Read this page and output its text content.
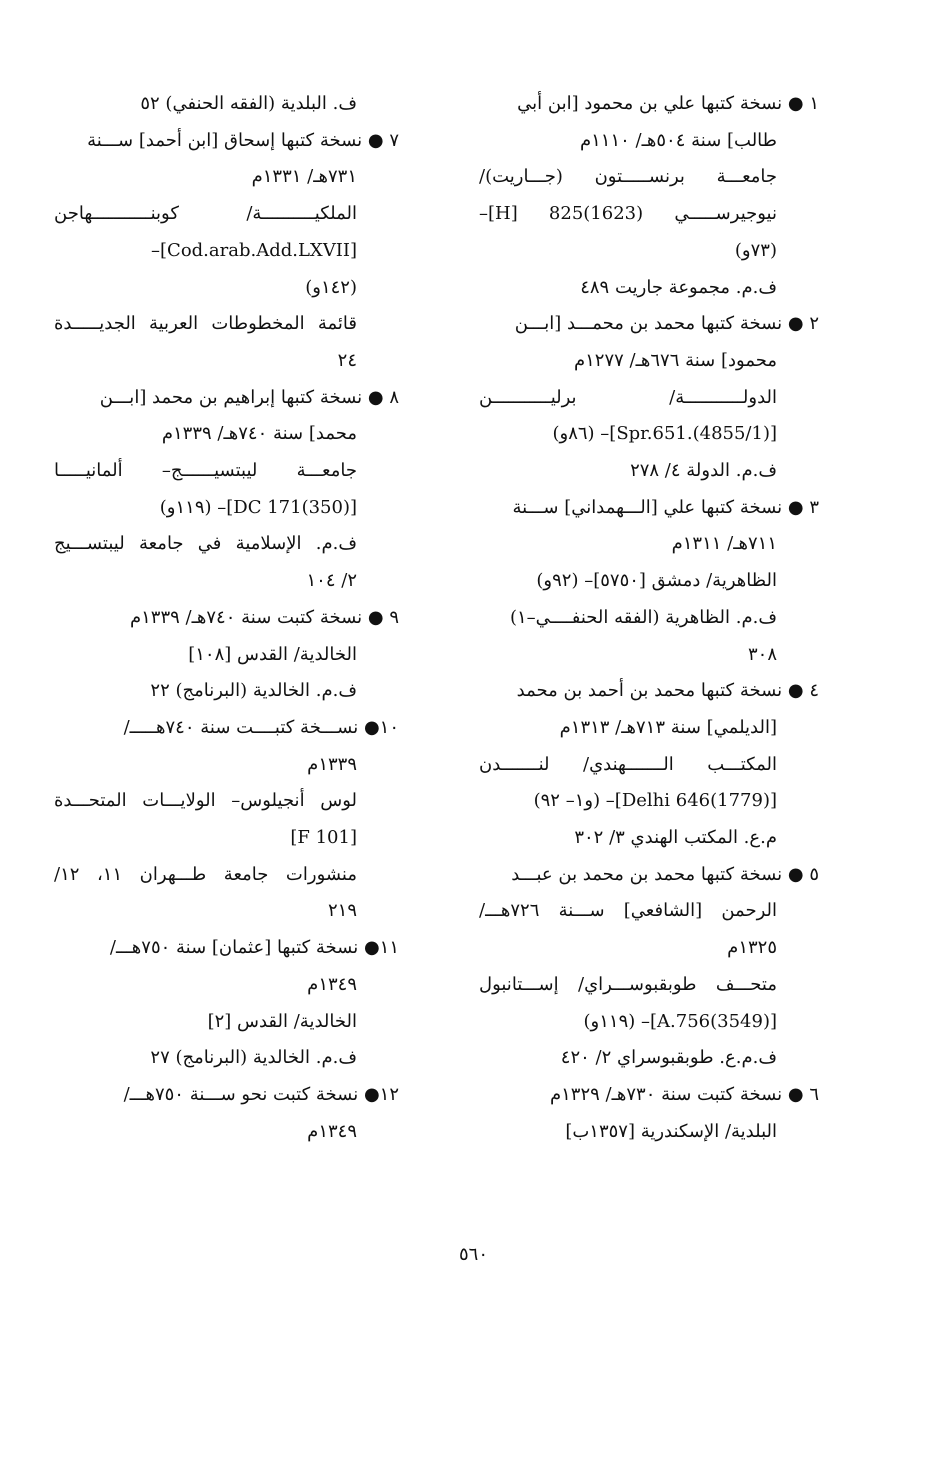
١ ● نسخة كتبها علي بن محمود [ابن أبي
طالب] سنة ٥٠٤هـ/ ١١١٠م
جامعـــة برنســـــتون (جـــاريت)/
نيوجيرســـــي H] 825(1623)]–
(٧٣و)
ف.م. مجموعة جاريت ٤٨٩
٢ ● نسخة كتبها محمد بن محمـــد [ابـــن
محمود] سنة ٦٧٦هـ/ ١٢٧٧م
الدولـــــــــــة/ برليـــــــــــن
[Spr.651.(4855/1)]– (٨٦و)
ف.م. الدولة ٤/ ٢٧٨
٣ ● نسخة كتبها علي [الـــهمداني] ســـنة
٧١١هـ/ ١٣١١م
الظاهرية/ دمشق [٥٧٥٠]– (٩٢و)
ف.م. الظاهرية (الفقه الحنفــــي–١)
٣٠٨
٤ ● نسخة كتبها محمد بن أحمد بن محمد
[الديلمي] سنة ٧١٣هـ/ ١٣١٣م
المكتـــب الـــــــهندي/ لنـــــــدن
[Delhi 646(1779)]– (و١– ٩٢)
م.ع. المكتب الهندي ٣/ ٣٠٢
٥ ● نسخة كتبها محمد بن محمد بن عبـــد
الرحمن [الشافعي] ســـنة ٧٢٦هـــ/
١٣٢٥م
متحـــف طوبقبوســـراي/ إســـتانبول
[A.756(3549)]– (١١٩و)
ف.م.ع. طوبقبوسراي ٢/ ٤٢٠
٦ ● نسخة كتبت سنة ٧٣٠هـ/ ١٣٢٩م
البلدية/ الإسكندرية [١٣٥٧ب]
ف. البلدية (الفقه الحنفي) ٥٢
٧ ● نسخة كتبها إسحاق [ابن أحمد] ســـنة
٧٣١هـ/ ١٣٣١م
الملكيــــــــــة/ كوبنـــــــــــهاجن
[Cod.arab.Add.LXVII]–
(١٤٢و)
قائمة المخطوطات العربية الجديـــــدة
٢٤
٨ ● نسخة كتبها إبراهيم بن محمد [ابـــن
محمد] سنة ٧٤٠هـ/ ١٣٣٩م
جامعـــة ليبتسيــــــج– ألمانيـــــا
[DC 171(350)]– (١١٩و)
ف.م. الإسلامية في جامعة ليبتســـيج
٢/ ١٠٤
٩ ● نسخة كتبت سنة ٧٤٠هـ/ ١٣٣٩م
الخالدية/ القدس [١٠٨]
ف.م. الخالدية (البرنامج) ٢٢
١٠● نســـخة كتبــــت سنة ٧٤٠هـــــ/
١٣٣٩م
لوس أنجيلوس– الولايـــات المتحـــدة
[F 101]
منشورات جامعة طـــهران ١١، ١٢/
٢١٩
١١● نسخة كتبها [عثمان] سنة ٧٥٠هـــ/
١٣٤٩م
الخالدية/ القدس [٢]
ف.م. الخالدية (البرنامج) ٢٧
١٢● نسخة كتبت نحو ســـنة ٧٥٠هـــ/
١٣٤٩م
٥٦٠
